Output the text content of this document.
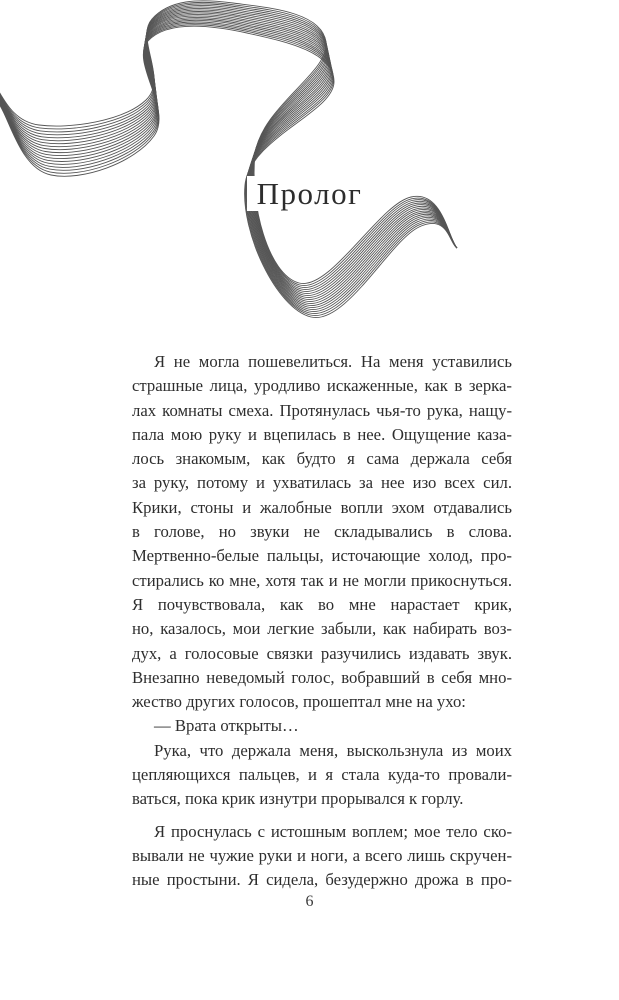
Пролог
Я не могла пошевелиться. На меня уставились
страшные лица, уродливо искаженные, как в зерка-
лах комнаты смеха. Протянулась чья-то рука, нащу-
пала мою руку и вцепилась в нее. Ощущение каза-
лось знакомым, как будто я сама держала себя
за руку, потому и ухватилась за нее изо всех сил.
Крики, стоны и жалобные вопли эхом отдавались
в голове, но звуки не складывались в слова.
Мертвенно-белые пальцы, источающие холод, про-
стирались ко мне, хотя так и не могли прикоснуться.
Я почувствовала, как во мне нарастает крик,
но, казалось, мои легкие забыли, как набирать воз-
дух, а голосовые связки разучились издавать звук.
Внезапно неведомый голос, вобравший в себя мно-
жество других голосов, прошептал мне на ухо:
— Врата открыты…
Рука, что держала меня, выскользнула из моих
цепляющихся пальцев, и я стала куда-то провали-
ваться, пока крик изнутри прорывался к горлу.
Я проснулась с истошным воплем; мое тело ско-
вывали не чужие руки и ноги, а всего лишь скручен-
ные простыни. Я сидела, безудержно дрожа в про-
6
